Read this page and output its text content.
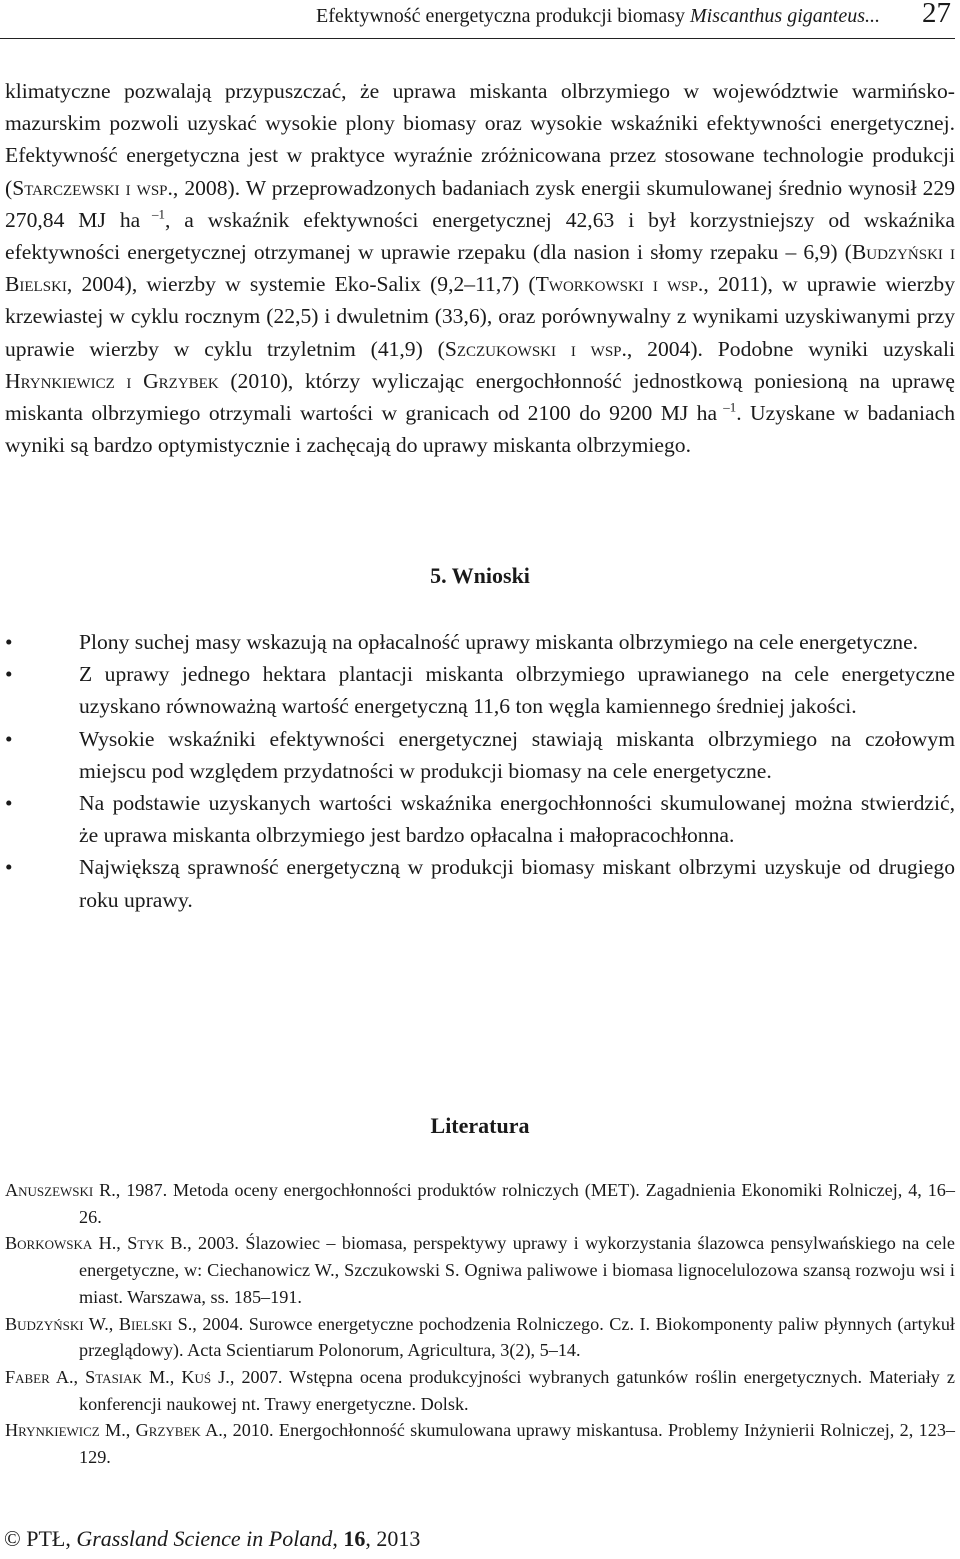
Efektywność energetyczna produkcji biomasy Miscanthus giganteus... 27

klimatyczne pozwalają przypuszczać, że uprawa miskanta olbrzymiego w województwie warmińsko-mazurskim pozwoli uzyskać wysokie plony biomasy oraz wysokie wskaźniki efektywności energetycznej. Efektywność energetyczna jest w praktyce wyraźnie zróżnicowana przez stosowane technologie produkcji (Starczewski i wsp., 2008). W przeprowadzonych badaniach zysk energii skumulowanej średnio wynosił 229 270,84 MJ ha $^{-1}$, a wskaźnik efektywności energetycznej 42,63 i był korzystniejszy od wskaźnika efektywności energetycznej otrzymanej w uprawie rzepaku (dla nasion i słomy rzepaku – 6,9) (Budzyński i Bielski, 2004), wierzby w systemie Eko-Salix (9,2–11,7) (Tworkowski i wsp., 2011), w uprawie wierzby krzewiastej w cyklu rocznym (22,5) i dwuletnim (33,6), oraz porównywalny z wynikami uzyskiwanymi przy uprawie wierzby w cyklu trzyletnim (41,9) (Szczukowski i wsp., 2004). Podobne wyniki uzyskali Hrynkiewicz i Grzybek (2010), którzy wyliczając energochłonność jednostkową poniesioną na uprawę miskanta olbrzymiego otrzymali wartości w granicach od 2100 do 9200 MJ ha $^{-1}$. Uzyskane w badaniach wyniki są bardzo optymistycznie i zachęcają do uprawy miskanta olbrzymiego.

5. Wnioski
•	Plony suchej masy wskazują na opłacalność uprawy miskanta olbrzymiego na cele energetyczne.
•	Z uprawy jednego hektara plantacji miskanta olbrzymiego uprawianego na cele energetyczne uzyskano równoważną wartość energetyczną 11,6 ton węgla kamiennego średniej jakości.
•	Wysokie wskaźniki efektywności energetycznej stawiają miskanta olbrzymiego na czołowym miejscu pod względem przydatności w produkcji biomasy na cele energetyczne.
•	Na podstawie uzyskanych wartości wskaźnika energochłonności skumulowanej można stwierdzić, że uprawa miskanta olbrzymiego jest bardzo opłacalna i małopracochłonna.
•	Największą sprawność energetyczną w produkcji biomasy miskant olbrzymi uzyskuje od drugiego roku uprawy.
Literatura

Anuszewski R., 1987. Metoda oceny energochłonności produktów rolniczych (MET). Zagadnienia Ekonomiki Rolniczej, 4, 16–26.

Borkowska H., Styk B., 2003. Ślazowiec – biomasa, perspektywy uprawy i wykorzystania ślazowca pensylwańskiego na cele energetyczne, w: Ciechanowicz W., Szczukowski S. Ogniwa paliwowe i biomasa lignocelulozowa szansą rozwoju wsi i miast. Warszawa, ss. 185–191.

Budzyński W., Bielski S., 2004. Surowce energetyczne pochodzenia Rolniczego. Cz. I. Biokomponenty paliw płynnych (artykuł przeglądowy). Acta Scientiarum Polonorum, Agricultura, 3(2), 5–14.

Faber A., Stasiak M., Kuś J., 2007. Wstępna ocena produkcyjności wybranych gatunków roślin energetycznych. Materiały z konferencji naukowej nt. Trawy energetyczne. Dolsk.

Hrynkiewicz M., Grzybek A., 2010. Energochłonność skumulowana uprawy miskantusa. Problemy Inżynierii Rolniczej, 2, 123–129.

© PTŁ, Grassland Science in Poland, 16, 2013
